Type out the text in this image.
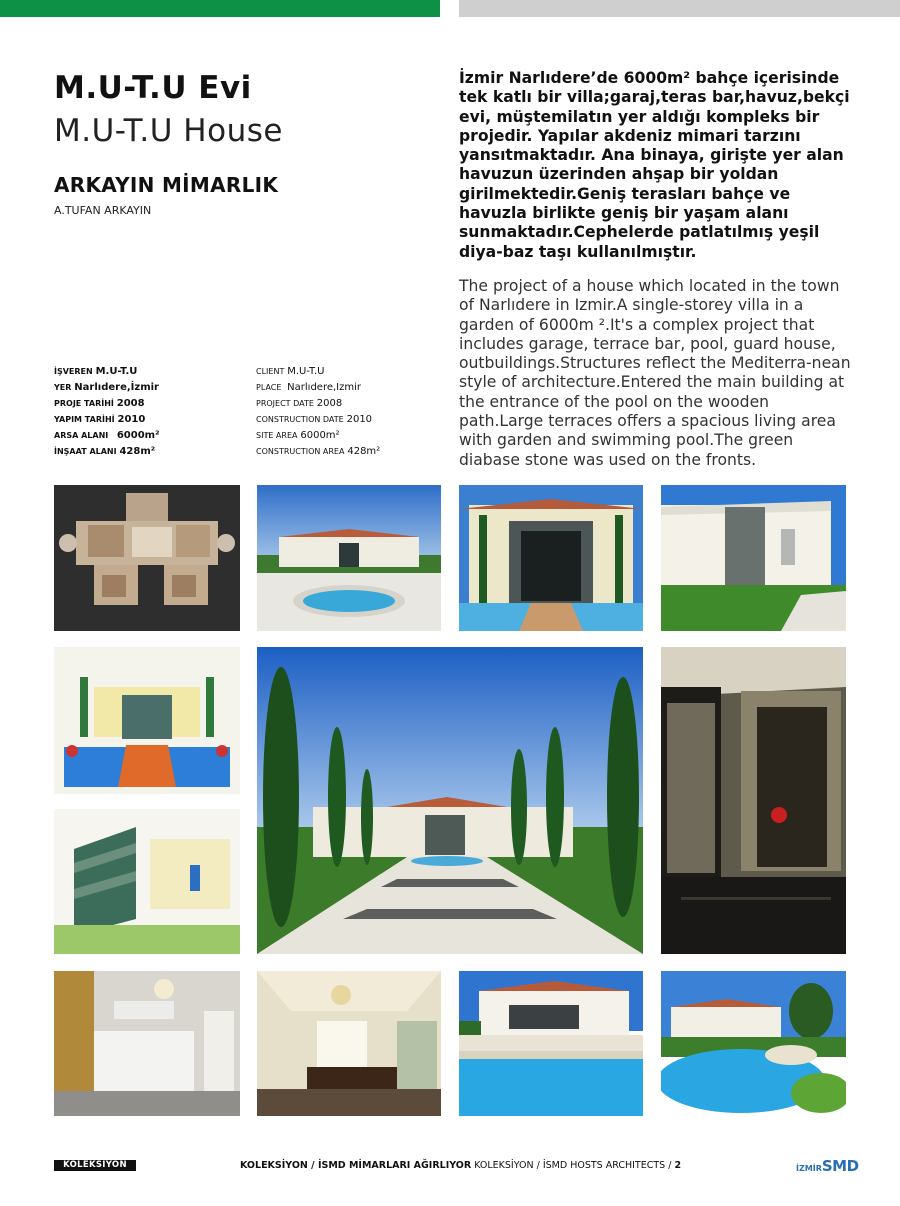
M.U-T.U Evi
M.U-T.U House
ARKAYIN MİMARLIK
A.TUFAN ARKAYIN
İzmir Narlıdere’de 6000m² bahçe içerisinde tek katlı bir villa;garaj,teras bar,havuz,bekçi evi, müştemilatın yer aldığı kompleks bir projedir. Yapılar akdeniz mimari tarzını yansıtmaktadır. Ana binaya, girişte yer alan havuzun üzerinden ahşap bir yoldan girilmektedir.Geniş terasları bahçe ve havuzla birlikte geniş bir yaşam alanı sunmaktadır.Cephelerde patlatılmış yeşil diya-baz taşı kullanılmıştır.
The project of a house which located in the town of Narlıdere in Izmir.A single-storey villa in a garden of 6000m ².It's a complex project that includes garage, terrace bar, pool, guard house, outbuildings.Structures reflect the Mediterra-nean style of architecture.Entered the main building at the entrance of the pool on the wooden path.Large terraces offers a spacious living area with garden and swimming pool.The green diabase stone was used on the fronts.
İŞVEREN M.U-T.U
YER Narlıdere,İzmir
PROJE TARİHİ 2008
YAPIM TARİHİ 2010
ARSA ALANI 6000m²
İNŞAAT ALANI 428m²
CLIENT M.U-T.U
PLACE Narlıdere,Izmir
PROJECT DATE 2008
CONSTRUCTION DATE 2010
SITE AREA 6000m²
CONSTRUCTION AREA 428m²
KOLEKSİYON	KOLEKSİYON / İSMD MİMARLARI AĞIRLIYOR KOLEKSİYON / İSMD HOSTS ARCHITECTS / 2	İZMİRSMD
